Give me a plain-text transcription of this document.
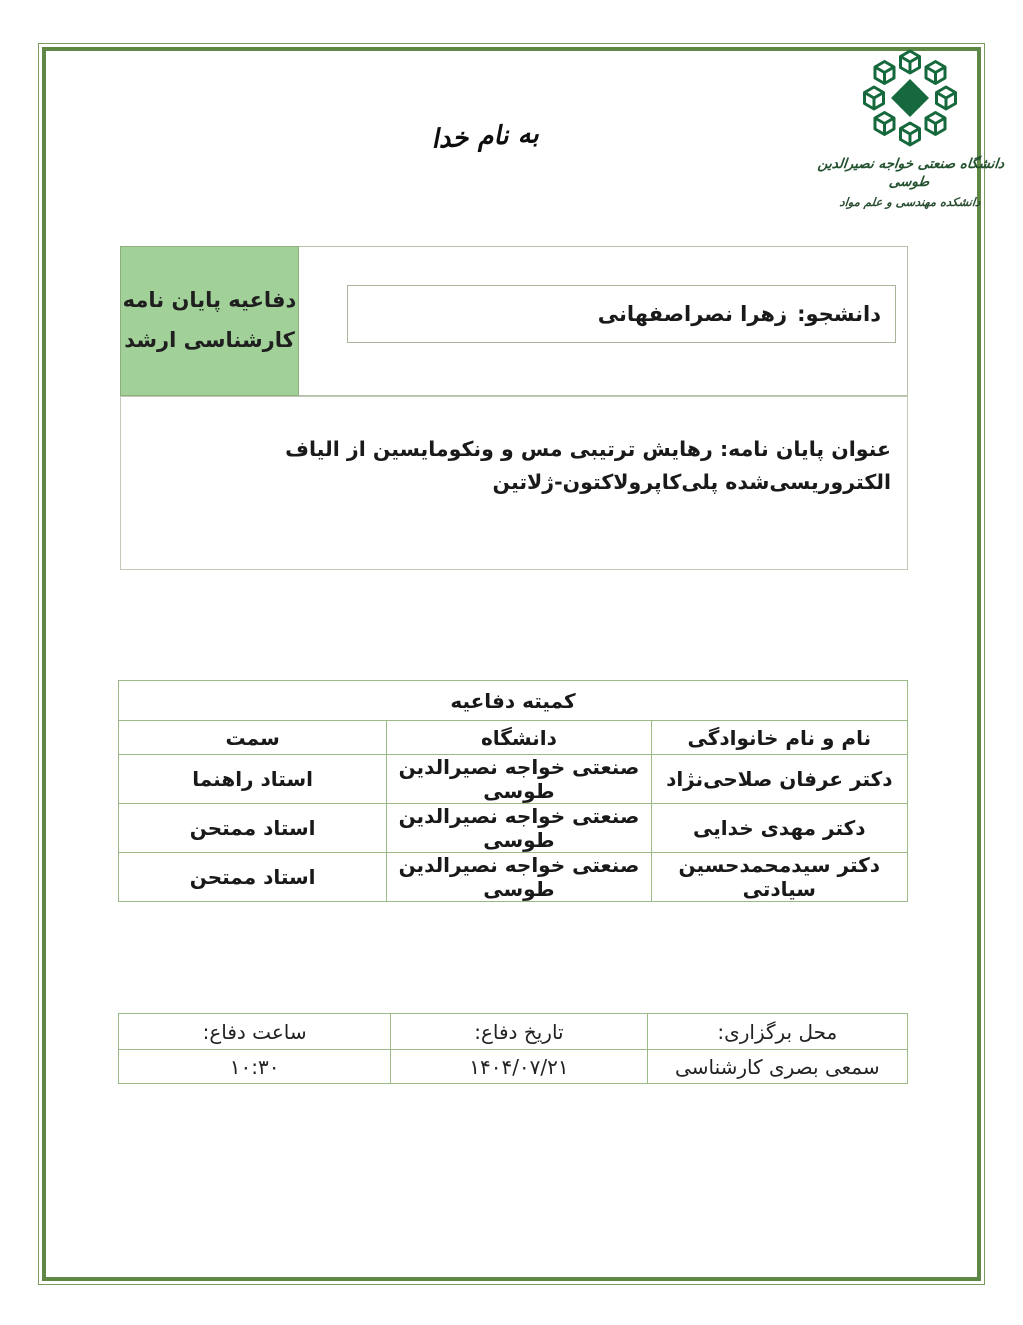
دانشگاه صنعتی خواجه نصیرالدین طوسی
دانشکده مهندسی و علم مواد
به نام خدا
دفاعیه پایان نامه
کارشناسی ارشد
دانشجو:
زهرا نصراصفهانی
عنوان پایان نامه: رهایش ترتیبی مس و ونکومایسین از الیاف الکتروریسی‌شده پلی‌کاپرولاکتون-ژلاتین
کمیته دفاعیه		
نام و نام خانوادگی	دانشگاه	سمت
دکتر عرفان صلاحی‌نژاد	صنعتی خواجه نصیرالدین طوسی	استاد راهنما
دکتر مهدی خدایی	صنعتی خواجه نصیرالدین طوسی	استاد ممتحن
دکتر سیدمحمدحسین سیادتی	صنعتی خواجه نصیرالدین طوسی	استاد ممتحن
محل برگزاری:	تاریخ دفاع:	ساعت دفاع:
سمعی بصری کارشناسی	۱۴۰۴/۰۷/۲۱	۱۰:۳۰
